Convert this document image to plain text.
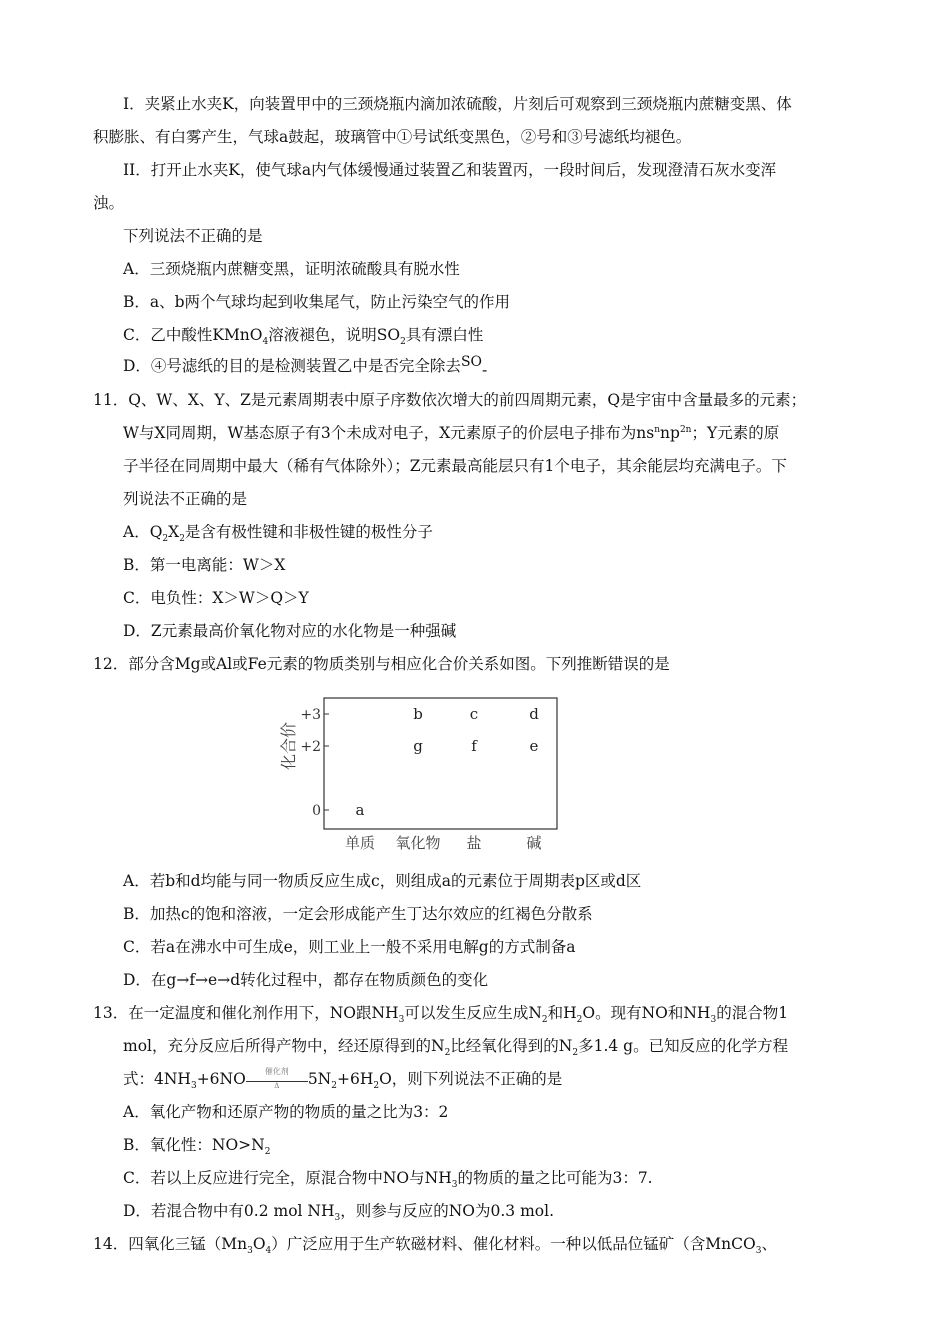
I．夹紧止水夹K，向装置甲中的三颈烧瓶内滴加浓硫酸，片刻后可观察到三颈烧瓶内蔗糖变黑、体
积膨胀、有白雾产生，气球a鼓起，玻璃管中①号试纸变黑色，②号和③号滤纸均褪色。
II．打开止水夹K，使气球a内气体缓慢通过装置乙和装置丙，一段时间后，发现澄清石灰水变浑
浊。
下列说法不正确的是
A．三颈烧瓶内蔗糖变黑，证明浓硫酸具有脱水性
B．a、b两个气球均起到收集尾气，防止污染空气的作用
C．乙中酸性KMnO$_4$溶液褪色，说明$SO_2$具有漂白性
D．④号滤纸的目的是检测装置乙中是否完全除去SO-
11．Q、W、X、Y、Z是元素周期表中原子序数依次增大的前四周期元素，Q是宇宙中含量最多的元素；
W与X同周期，W基态原子有3个未成对电子，X元素原子的价层电子排布为$ns^nnp^{2n}$；Y元素的原
子半径在同周期中最大（稀有气体除外）；Z元素最高能层只有1个电子，其余能层均充满电子。下
列说法不正确的是
A．$Q_2X_2$是含有极性键和非极性键的极性分子
B．第一电离能：W＞X
C．电负性：X＞W＞Q＞Y
D．Z元素最高价氧化物对应的水化物是一种强碱
12．部分含Mg或Al或Fe元素的物质类别与相应化合价关系如图。下列推断错误的是
化合价
+3
+2
0 a
b	c	d
g	f	e
单质 氧化物 盐	碱
A．若b和d均能与同一物质反应生成c，则组成a的元素位于周期表p区或d区
B．加热c的饱和溶液，一定会形成能产生丁达尔效应的红褐色分散系
C．若a在沸水中可生成e，则工业上一般不采用电解g的方式制备a
D．在g→f→e→d转化过程中，都存在物质颜色的变化
13．在一定温度和催化剂作用下，NO跟$NH_3$可以发生反应生成$N_2$和$H_2O$。现有NO和$NH_3$的混合物1
mol，充分反应后所得产物中，经还原得到的$N_2$比经氧化得到的$N_2$多1.4 g。已知反应的化学方程
式：$4NH_3+6NO$	催化剂
Δ	$5N_2+6H_2O$，则下列说法不正确的是
A．氧化产物和还原产物的物质的量之比为3：2
B．氧化性：$NO>N_2$
C．若以上反应进行完全，原混合物中NO与$NH_3$的物质的量之比可能为3：7.
D．若混合物中有0.2 mol $NH_3$，则参与反应的NO为0.3 mol.
14．四氧化三锰$(Mn_3O_4)$广泛应用于生产软磁材料、催化材料。一种以低品位锰矿（含MnCO$_3$、
